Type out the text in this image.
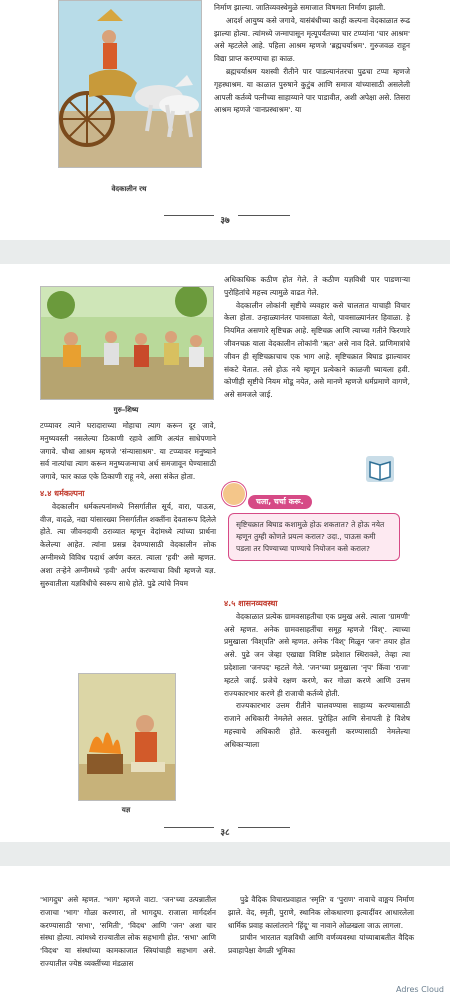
वेदकालीन रथ

निर्माण झाल्या. जातिव्यवस्थेमुळे समाजात विषमता निर्माण झाली.

आदर्श आयुष्य कसे जगावे, यासंबंधीच्या काही कल्पना वेदकाळात रूढ झाल्या होत्या. त्यांमध्ये जन्मापासून मृत्यूपर्यंतच्या चार टप्प्यांना 'चार आश्रम' असे म्हटलेले आहे. पहिला आश्रम म्हणजे 'ब्रह्मचर्याश्रम'. गुरुजवळ राहून विद्या प्राप्त करण्याचा हा काळ.

ब्रह्मचर्याश्रम यशस्वी रीतीने पार पाडल्यानंतरचा पुढचा टप्पा म्हणजे गृहस्थाश्रम. या काळात पुरुषाने कुटुंब आणि समाज यांच्यासाठी असलेली आपली कर्तव्ये पत्नीच्या साहाय्याने पार पाडावीत, अशी अपेक्षा असे. तिसरा आश्रम म्हणजे 'वानप्रस्थाश्रम'. या

३७
गुरु–शिष्य

टप्प्यावर त्याने घरादाराच्या मोहाचा त्याग करून दूर जावे, मनुष्यवस्ती नसलेल्या ठिकाणी रहावे आणि अत्यंत साधेपणाने जगावे. चौथा आश्रम म्हणजे 'संन्यासाश्रम'. या टप्प्यावर मनुष्याने सर्व नात्यांचा त्याग करून मनुष्यजन्माचा अर्थ समजावून घेण्यासाठी जगावे, फार काळ एके ठिकाणी राहू नये, असा संकेत होता.

४.४ धर्मकल्पना

वेदकालीन धर्मकल्पनांमध्ये निसर्गातील सूर्य, वारा, पाऊस, वीज, वादळे, नद्या यांसारख्या निसर्गातील शक्तींना देवतारूप दिलेले होते. त्या जीवनदायी ठराव्यात म्हणून वेदांमध्ये त्यांच्या प्रार्थना केलेल्या आहेत. त्यांना प्रसन्न देवण्यासाठी वेदकालीन लोक अग्नीमध्ये विविध पदार्थ अर्पण करत. त्याला 'हवी' असे म्हणत. अशा तऱ्हेने अग्नीमध्ये 'हवी' अर्पण करण्याचा विधी म्हणजे यज्ञ. सुरुवातीला यज्ञविधीचे स्वरूप साधे होते. पुढे त्यांचे नियम

यज्ञ

अधिकाधिक कठीण होत गेले. ते कठीण यज्ञविधी पार पाडणाऱ्या पुरोहितांचे महत्त्व त्यामुळे वाढत गेले.

वेदकालीन लोकांनी सृष्टीचे व्यवहार कसे चालतात याचाही विचार केला होता. उन्हाळ्यानंतर पावसाळा येतो, पावसाळ्यानंतर हिवाळा. हे नियमित असणारे सृष्टिचक्र आहे. सृष्टिचक्र आणि त्याच्या गतीने फिरणारे जीवनचक्र याला वेदकालीन लोकांनी 'ऋत' असे नाव दिले. प्राणिमात्रांचे जीवन ही सृष्टिचक्राचाच एक भाग आहे. सृष्टिचक्रात बिघाड झाल्यावर संकटे येतात. तसे होऊ नये म्हणून प्रत्येकाने काळजी घ्यायला हवी. कोणीही सृष्टीचे नियम मोडू नयेत, असे मानणे म्हणजे धर्मप्रमाणे वागणे, असे समजले जाई.

चला, चर्चा करू.
सृष्टिचक्रात बिघाड कशामुळे होऊ शकतात? ते होऊ नयेत म्हणून तुम्ही कोणते प्रयत्न कराल? उदा., पाऊस कमी पडला तर पिण्याच्या पाण्याचे नियोजन कसे कराल?

४.५ शासनव्यवस्था

वेदकाळात प्रत्येक ग्रामवसाहतीचा एक प्रमुख असे. त्याला 'ग्रामणी' असे म्हणत. अनेक ग्रामवसाहतींचा समूह म्हणजे 'विश्'. त्याच्या प्रमुखाला 'विश्‌पति' असे म्हणत. अनेक 'विश्' मिळून 'जन' तयार होत असे. पुढे जन जेव्हा एखाद्या विशिष्ट प्रदेशात स्थिरावले, तेव्हा त्या प्रदेशाला 'जनपद' म्हटले गेले. 'जन'च्या प्रमुखाला 'नृप' किंवा 'राजा' म्हटले जाई. प्रजेचे रक्षण करणे, कर गोळा करणे आणि उत्तम राज्यकारभार करणे ही राजाची कर्तव्ये होती.

राज्यकारभार उत्तम रीतीने चालवण्यास साहाय्य करण्यासाठी राजाने अधिकारी नेमलेले असत. पुरोहित आणि सेनापती हे विशेष महत्त्वाचे अधिकारी होते. करवसुली करण्यासाठी नेमलेल्या अधिकाऱ्याला

३८

'भागदुघ' असे म्हणत. 'भाग' म्हणजे वाटा. 'जन'च्या उत्पन्नातील राजाचा 'भाग' गोळा करणारा, तो भागदुघ. राजाला मार्गदर्शन करण्यासाठी 'सभा', 'समिती', 'विदथ' आणि 'जन' अशा चार संस्था होत्या. त्यांमध्ये राज्यातील लोक सहभागी होत. 'सभा' आणि 'विदथ' या संस्थांच्या कामकाजात स्त्रियांचाही सहभाग असे. राज्यातील ज्येष्ठ व्यक्तींच्या मंडळास

पुढे वैदिक विचारप्रवाहात 'स्मृति' व 'पुराण' नावाचे वाङ्मय निर्माण झाले. वेद, स्मृती, पुराणे, स्थानिक लोकधारणा इत्यादींवर आधारलेला धार्मिक प्रवाह कालांतराने 'हिंदू' या नावाने ओळखला जाऊ लागला.

प्राचीन भारतात यज्ञविधी आणि वर्णव्यवस्था यांच्याबाबतीत वैदिक प्रवाहापेक्षा वेगळी भूमिका

Adres Cloud
